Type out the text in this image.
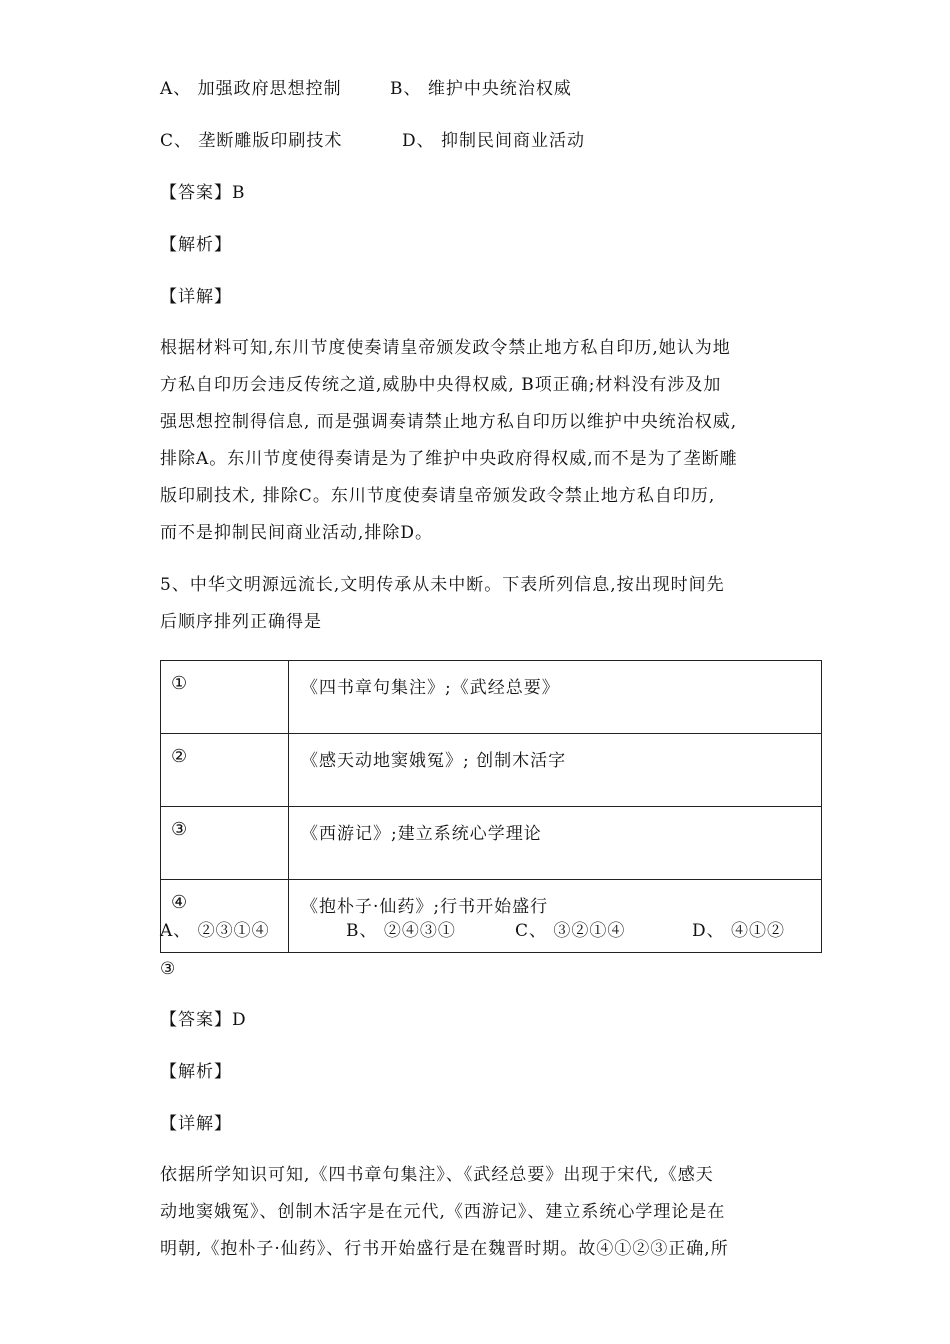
A、 加强政府思想控制	B、 维护中央统治权威
C、 垄断雕版印刷技术	D、 抑制民间商业活动
【答案】B
【解析】
【详解】
根据材料可知,东川节度使奏请皇帝颁发政令禁止地方私自印历,她认为地
方私自印历会违反传统之道,威胁中央得权威, B项正确;材料没有涉及加
强思想控制得信息, 而是强调奏请禁止地方私自印历以维护中央统治权威,
排除A。东川节度使得奏请是为了维护中央政府得权威,而不是为了垄断雕
版印刷技术, 排除C。东川节度使奏请皇帝颁发政令禁止地方私自印历,
而不是抑制民间商业活动,排除D。
5、中华文明源远流长,文明传承从未中断。下表所列信息,按出现时间先
后顺序排列正确得是
①	《四书章句集注》;《武经总要》
②	《感天动地窦娥冤》; 创制木活字
③	《西游记》;建立系统心学理论
④	《抱朴子·仙药》;行书开始盛行
A、 ②③①④	B、 ②④③①	C、 ③②①④	D、 ④①②
③
【答案】D
【解析】
【详解】
依据所学知识可知,《四书章句集注》、《武经总要》出现于宋代,《感天
动地窦娥冤》、创制木活字是在元代,《西游记》、建立系统心学理论是在
明朝,《抱朴子·仙药》、行书开始盛行是在魏晋时期。故④①②③正确,所
